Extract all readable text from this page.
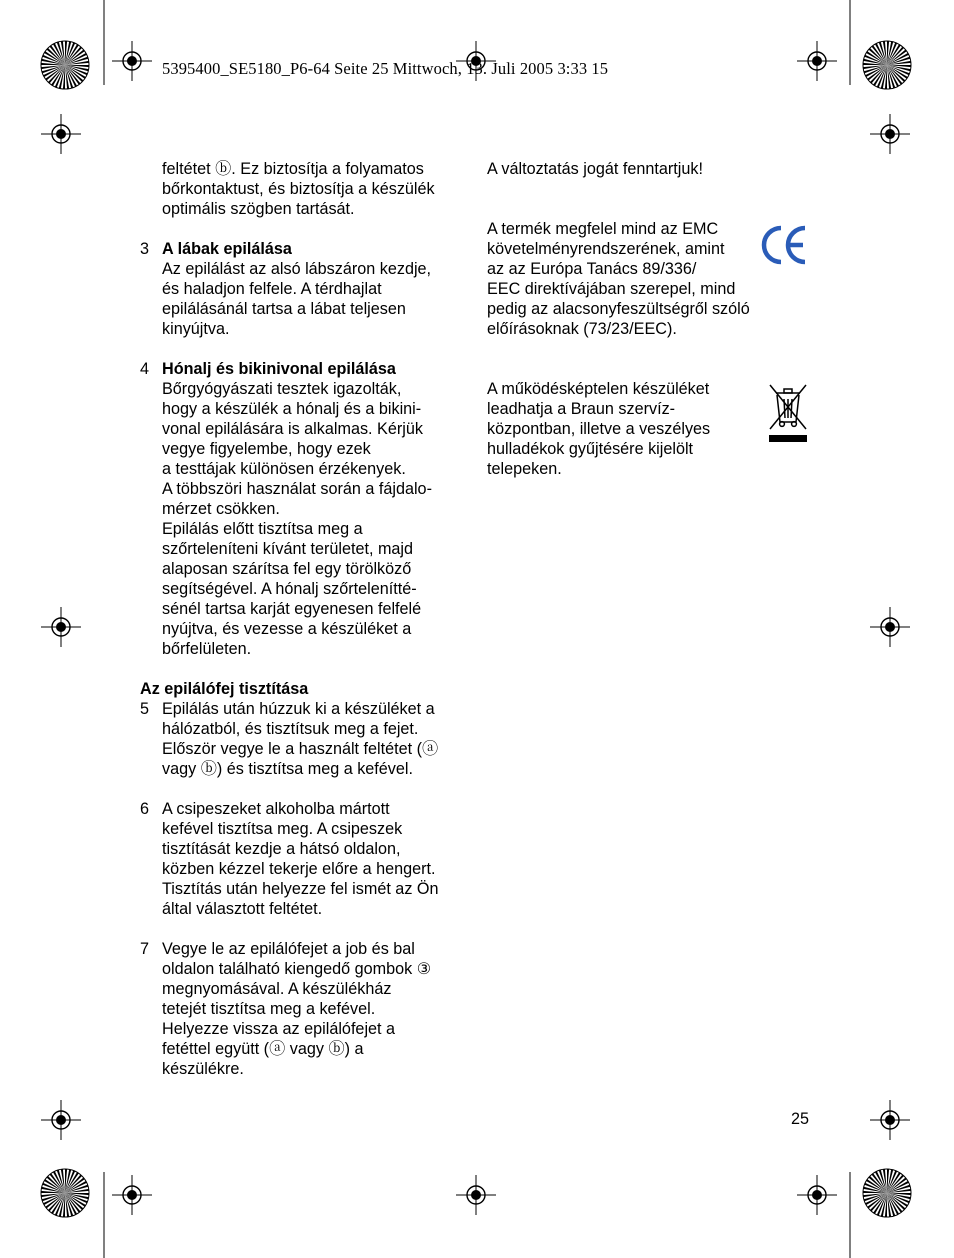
5395400_SE5180_P6-64 Seite 25 Mittwoch, 13. Juli 2005 3:33 15
feltétet ⓑ. Ez biztosítja a folyamatos
bőrkontaktust, és biztosítja a készülék
optimális szögben tartását.
3 A lábak epilálása
Az epilálást az alsó lábszáron kezdje,
és haladjon felfele. A térdhajlat
epilálásánál tartsa a lábat teljesen
kinyújtva.
4 Hónalj és bikinivonal epilálása
Bőrgyógyászati tesztek igazolták,
hogy a készülék a hónalj és a bikini-
vonal epilálására is alkalmas. Kérjük
vegye figyelembe, hogy ezek
a testtájak különösen érzékenyek.
A többszöri használat során a fájdalo-
mérzet csökken.
Epilálás előtt tisztítsa meg a
szőrteleníteni kívánt területet, majd
alaposan szárítsa fel egy törölköző
segítségével. A hónalj szőrtelenítté-
sénél tartsa karját egyenesen felfelé
nyújtva, és vezesse a készüléket a
bőrfelületen.
Az epilálófej tisztítása
5 Epilálás után húzzuk ki a készüléket a
hálózatból, és tisztítsuk meg a fejet.
Először vegye le a használt feltétet (ⓐ
vagy ⓑ) és tisztítsa meg a kefével.
6 A csipeszeket alkoholba mártott
kefével tisztítsa meg. A csipeszek
tisztítását kezdje a hátsó oldalon,
közben kézzel tekerje előre a hengert.
Tisztítás után helyezze fel ismét az Ön
által választott feltétet.
7 Vegye le az epilálófejet a job és bal
oldalon található kiengedő gombok ③
megnyomásával. A készülékház
tetejét tisztítsa meg a kefével.
Helyezze vissza az epilálófejet a
fetéttel együtt (ⓐ vagy ⓑ) a
készülékre.
A változtatás jogát fenntartjuk!
A termék megfelel mind az EMC
követelményrendszerének, amint
az az Európa Tanács 89/336/
EEC direktívájában szerepel, mind
pedig az alacsonyfeszültségről szóló
előírásoknak (73/23/EEC).
A működésképtelen készüléket
leadhatja a Braun szervíz-
központban, illetve a veszélyes
hulladékok gyűjtésére kijelölt
telepeken.
25
